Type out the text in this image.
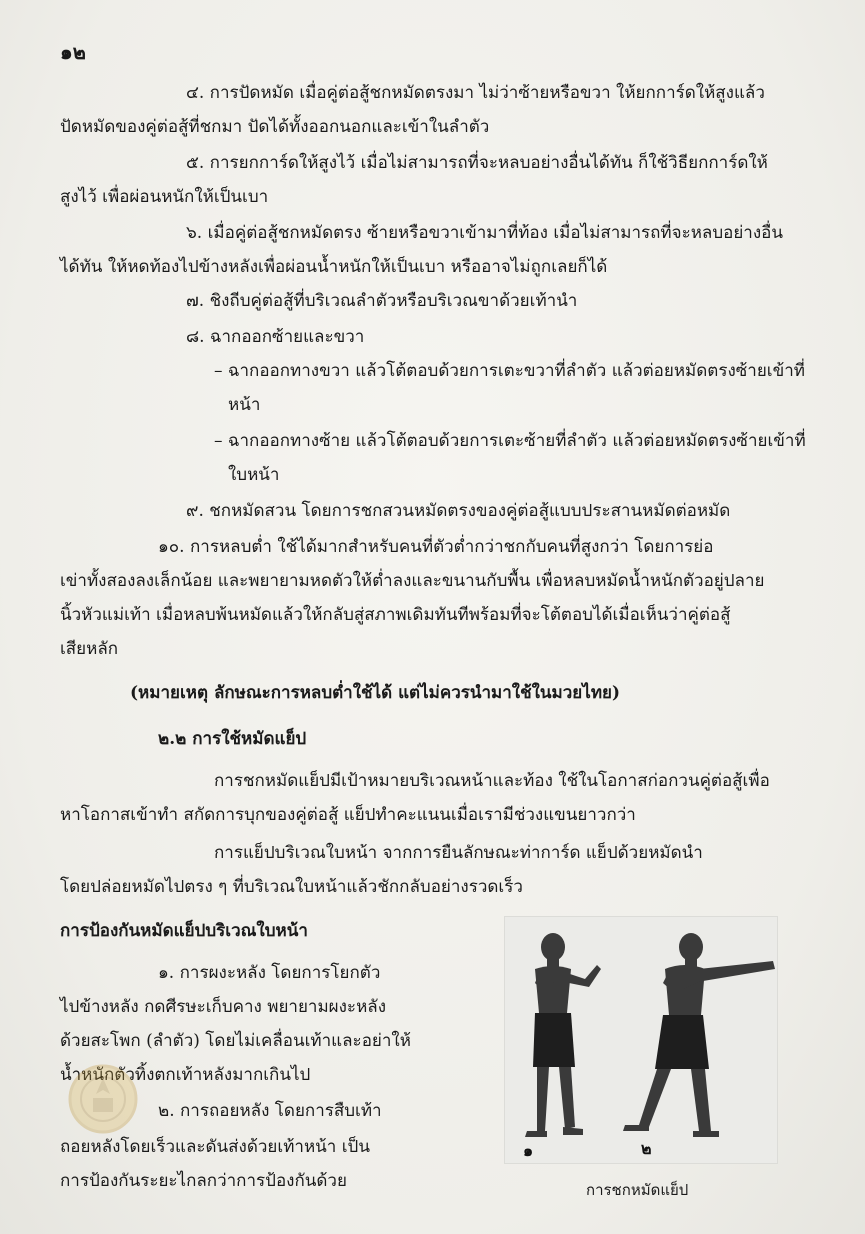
๑๒
๔. การปัดหมัด เมื่อคู่ต่อสู้ชกหมัดตรงมา ไม่ว่าซ้ายหรือขวา ให้ยกการ์ดให้สูงแล้ว
ปัดหมัดของคู่ต่อสู้ที่ชกมา ปัดได้ทั้งออกนอกและเข้าในลำตัว
๕. การยกการ์ดให้สูงไว้ เมื่อไม่สามารถที่จะหลบอย่างอื่นได้ทัน ก็ใช้วิธียกการ์ดให้
สูงไว้ เพื่อผ่อนหนักให้เป็นเบา
๖. เมื่อคู่ต่อสู้ชกหมัดตรง ซ้ายหรือขวาเข้ามาที่ท้อง เมื่อไม่สามารถที่จะหลบอย่างอื่น
ได้ทัน ให้หดท้องไปข้างหลังเพื่อผ่อนน้ำหนักให้เป็นเบา หรืออาจไม่ถูกเลยก็ได้
๗. ชิงถีบคู่ต่อสู้ที่บริเวณลำตัวหรือบริเวณขาด้วยเท้านำ
๘. ฉากออกซ้ายและขวา
– ฉากออกทางขวา แล้วโต้ตอบด้วยการเตะขวาที่ลำตัว แล้วต่อยหมัดตรงซ้ายเข้าที่
หน้า
– ฉากออกทางซ้าย แล้วโต้ตอบด้วยการเตะซ้ายที่ลำตัว แล้วต่อยหมัดตรงซ้ายเข้าที่
ใบหน้า
๙. ชกหมัดสวน โดยการชกสวนหมัดตรงของคู่ต่อสู้แบบประสานหมัดต่อหมัด
๑๐. การหลบต่ำ ใช้ได้มากสำหรับคนที่ตัวต่ำกว่าชกกับคนที่สูงกว่า โดยการย่อ
เข่าทั้งสองลงเล็กน้อย และพยายามหดตัวให้ต่ำลงและขนานกับพื้น เพื่อหลบหมัดน้ำหนักตัวอยู่ปลาย
นิ้วหัวแม่เท้า เมื่อหลบพ้นหมัดแล้วให้กลับสู่สภาพเดิมทันทีพร้อมที่จะโต้ตอบได้เมื่อเห็นว่าคู่ต่อสู้
เสียหลัก
(หมายเหตุ ลักษณะการหลบต่ำใช้ได้ แต่ไม่ควรนำมาใช้ในมวยไทย)
๒.๒ การใช้หมัดแย็ป
การชกหมัดแย็ปมีเป้าหมายบริเวณหน้าและท้อง ใช้ในโอกาสก่อกวนคู่ต่อสู้เพื่อ
หาโอกาสเข้าทำ สกัดการบุกของคู่ต่อสู้ แย็ปทำคะแนนเมื่อเรามีช่วงแขนยาวกว่า
การแย็ปบริเวณใบหน้า จากการยืนลักษณะท่าการ์ด แย็ปด้วยหมัดนำ
โดยปล่อยหมัดไปตรง ๆ ที่บริเวณใบหน้าแล้วชักกลับอย่างรวดเร็ว
การป้องกันหมัดแย็ปบริเวณใบหน้า
๑. การผงะหลัง โดยการโยกตัว
ไปข้างหลัง กดศีรษะเก็บคาง พยายามผงะหลัง
ด้วยสะโพก (ลำตัว) โดยไม่เคลื่อนเท้าและอย่าให้
น้ำหนักตัวทิ้งตกเท้าหลังมากเกินไป
๒. การถอยหลัง โดยการสืบเท้า
ถอยหลังโดยเร็วและดันส่งด้วยเท้าหน้า เป็น
การป้องกันระยะไกลกว่าการป้องกันด้วย
๑	๒
การชกหมัดแย็ป
